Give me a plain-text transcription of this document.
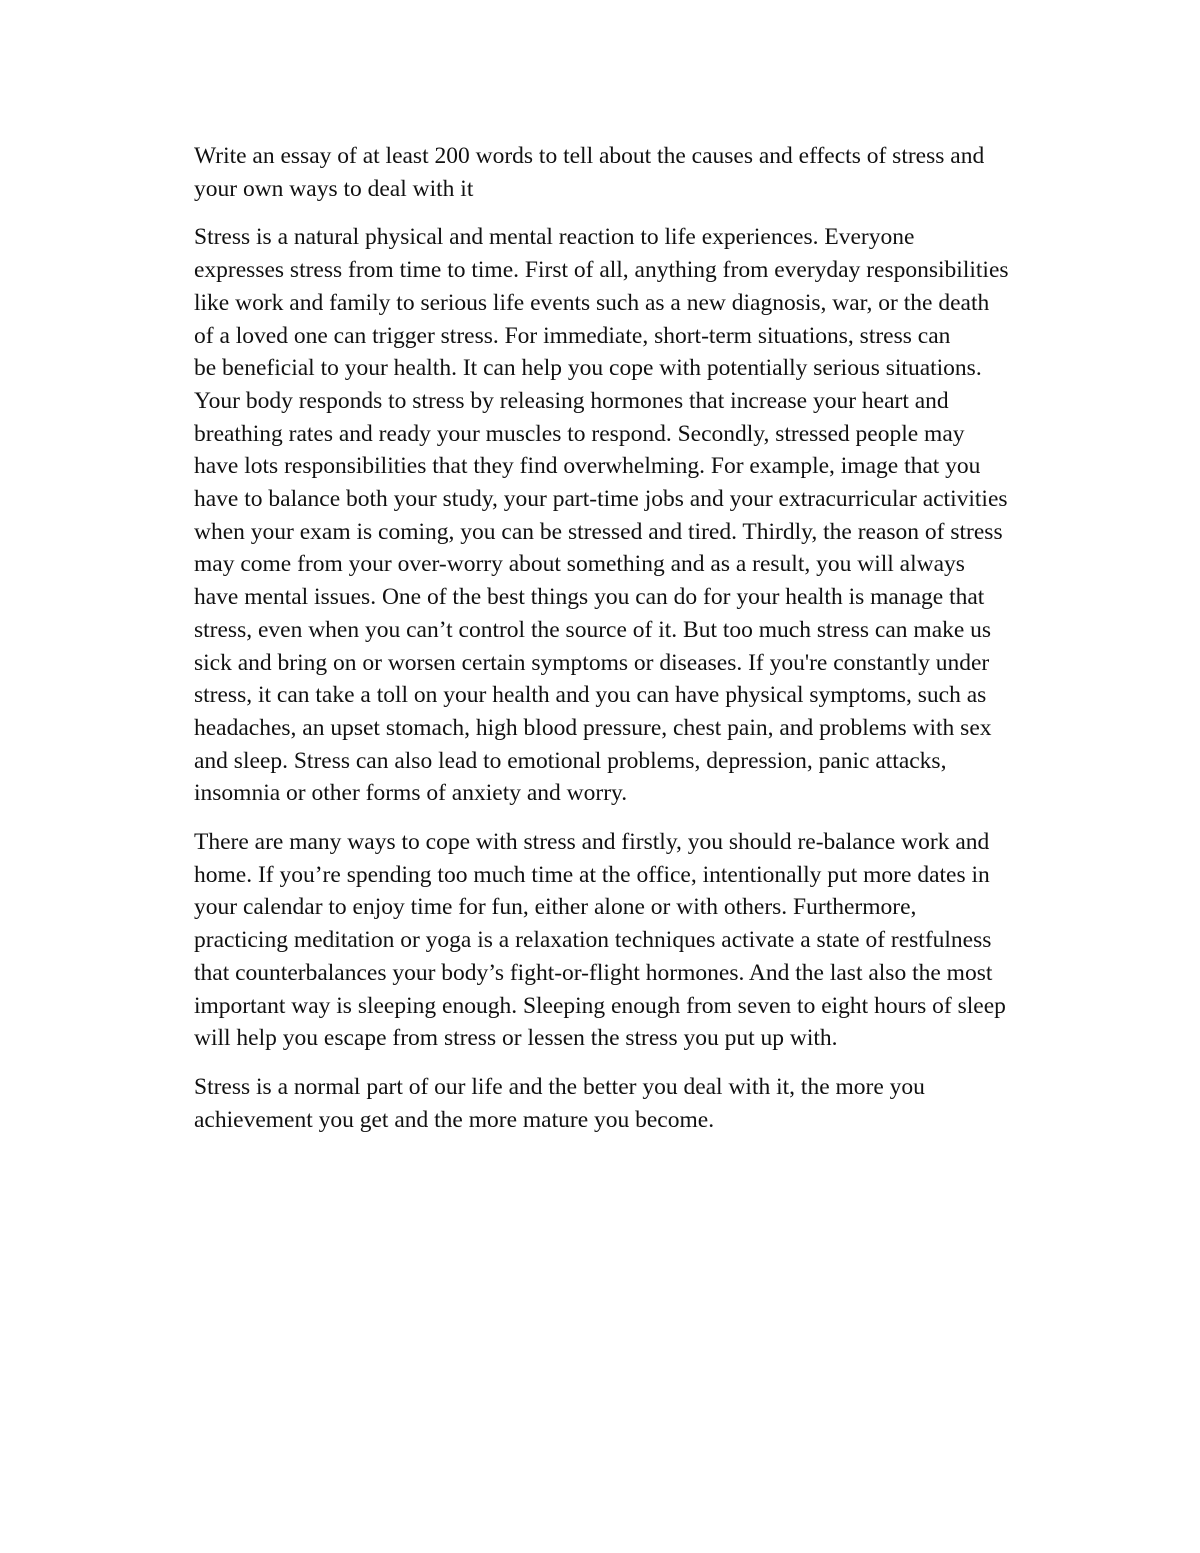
Write an essay of at least 200 words to tell about the causes and effects of stress and
your own ways to deal with it

Stress is a natural physical and mental reaction to life experiences. Everyone
expresses stress from time to time. First of all, anything from everyday responsibilities
like work and family to serious life events such as a new diagnosis, war, or the death
of a loved one can trigger stress. For immediate, short-term situations, stress can
be beneficial to your health. It can help you cope with potentially serious situations.
Your body responds to stress by releasing hormones that increase your heart and
breathing rates and ready your muscles to respond. Secondly, stressed people may
have lots responsibilities that they find overwhelming. For example, image that you
have to balance both your study, your part-time jobs and your extracurricular activities
when your exam is coming, you can be stressed and tired. Thirdly, the reason of stress
may come from your over-worry about something and as a result, you will always
have mental issues. One of the best things you can do for your health is manage that
stress, even when you can’t control the source of it. But too much stress can make us
sick and bring on or worsen certain symptoms or diseases. If you're constantly under
stress, it can take a toll on your health and you can have physical symptoms, such as
headaches, an upset stomach, high blood pressure, chest pain, and problems with sex
and sleep. Stress can also lead to emotional problems, depression, panic attacks,
insomnia or other forms of anxiety and worry.

There are many ways to cope with stress and firstly, you should re-balance work and
home. If you’re spending too much time at the office, intentionally put more dates in
your calendar to enjoy time for fun, either alone or with others. Furthermore,
practicing meditation or yoga is a relaxation techniques activate a state of restfulness
that counterbalances your body’s fight-or-flight hormones. And the last also the most
important way is sleeping enough. Sleeping enough from seven to eight hours of sleep
will help you escape from stress or lessen the stress you put up with.

Stress is a normal part of our life and the better you deal with it, the more you
achievement you get and the more mature you become.
